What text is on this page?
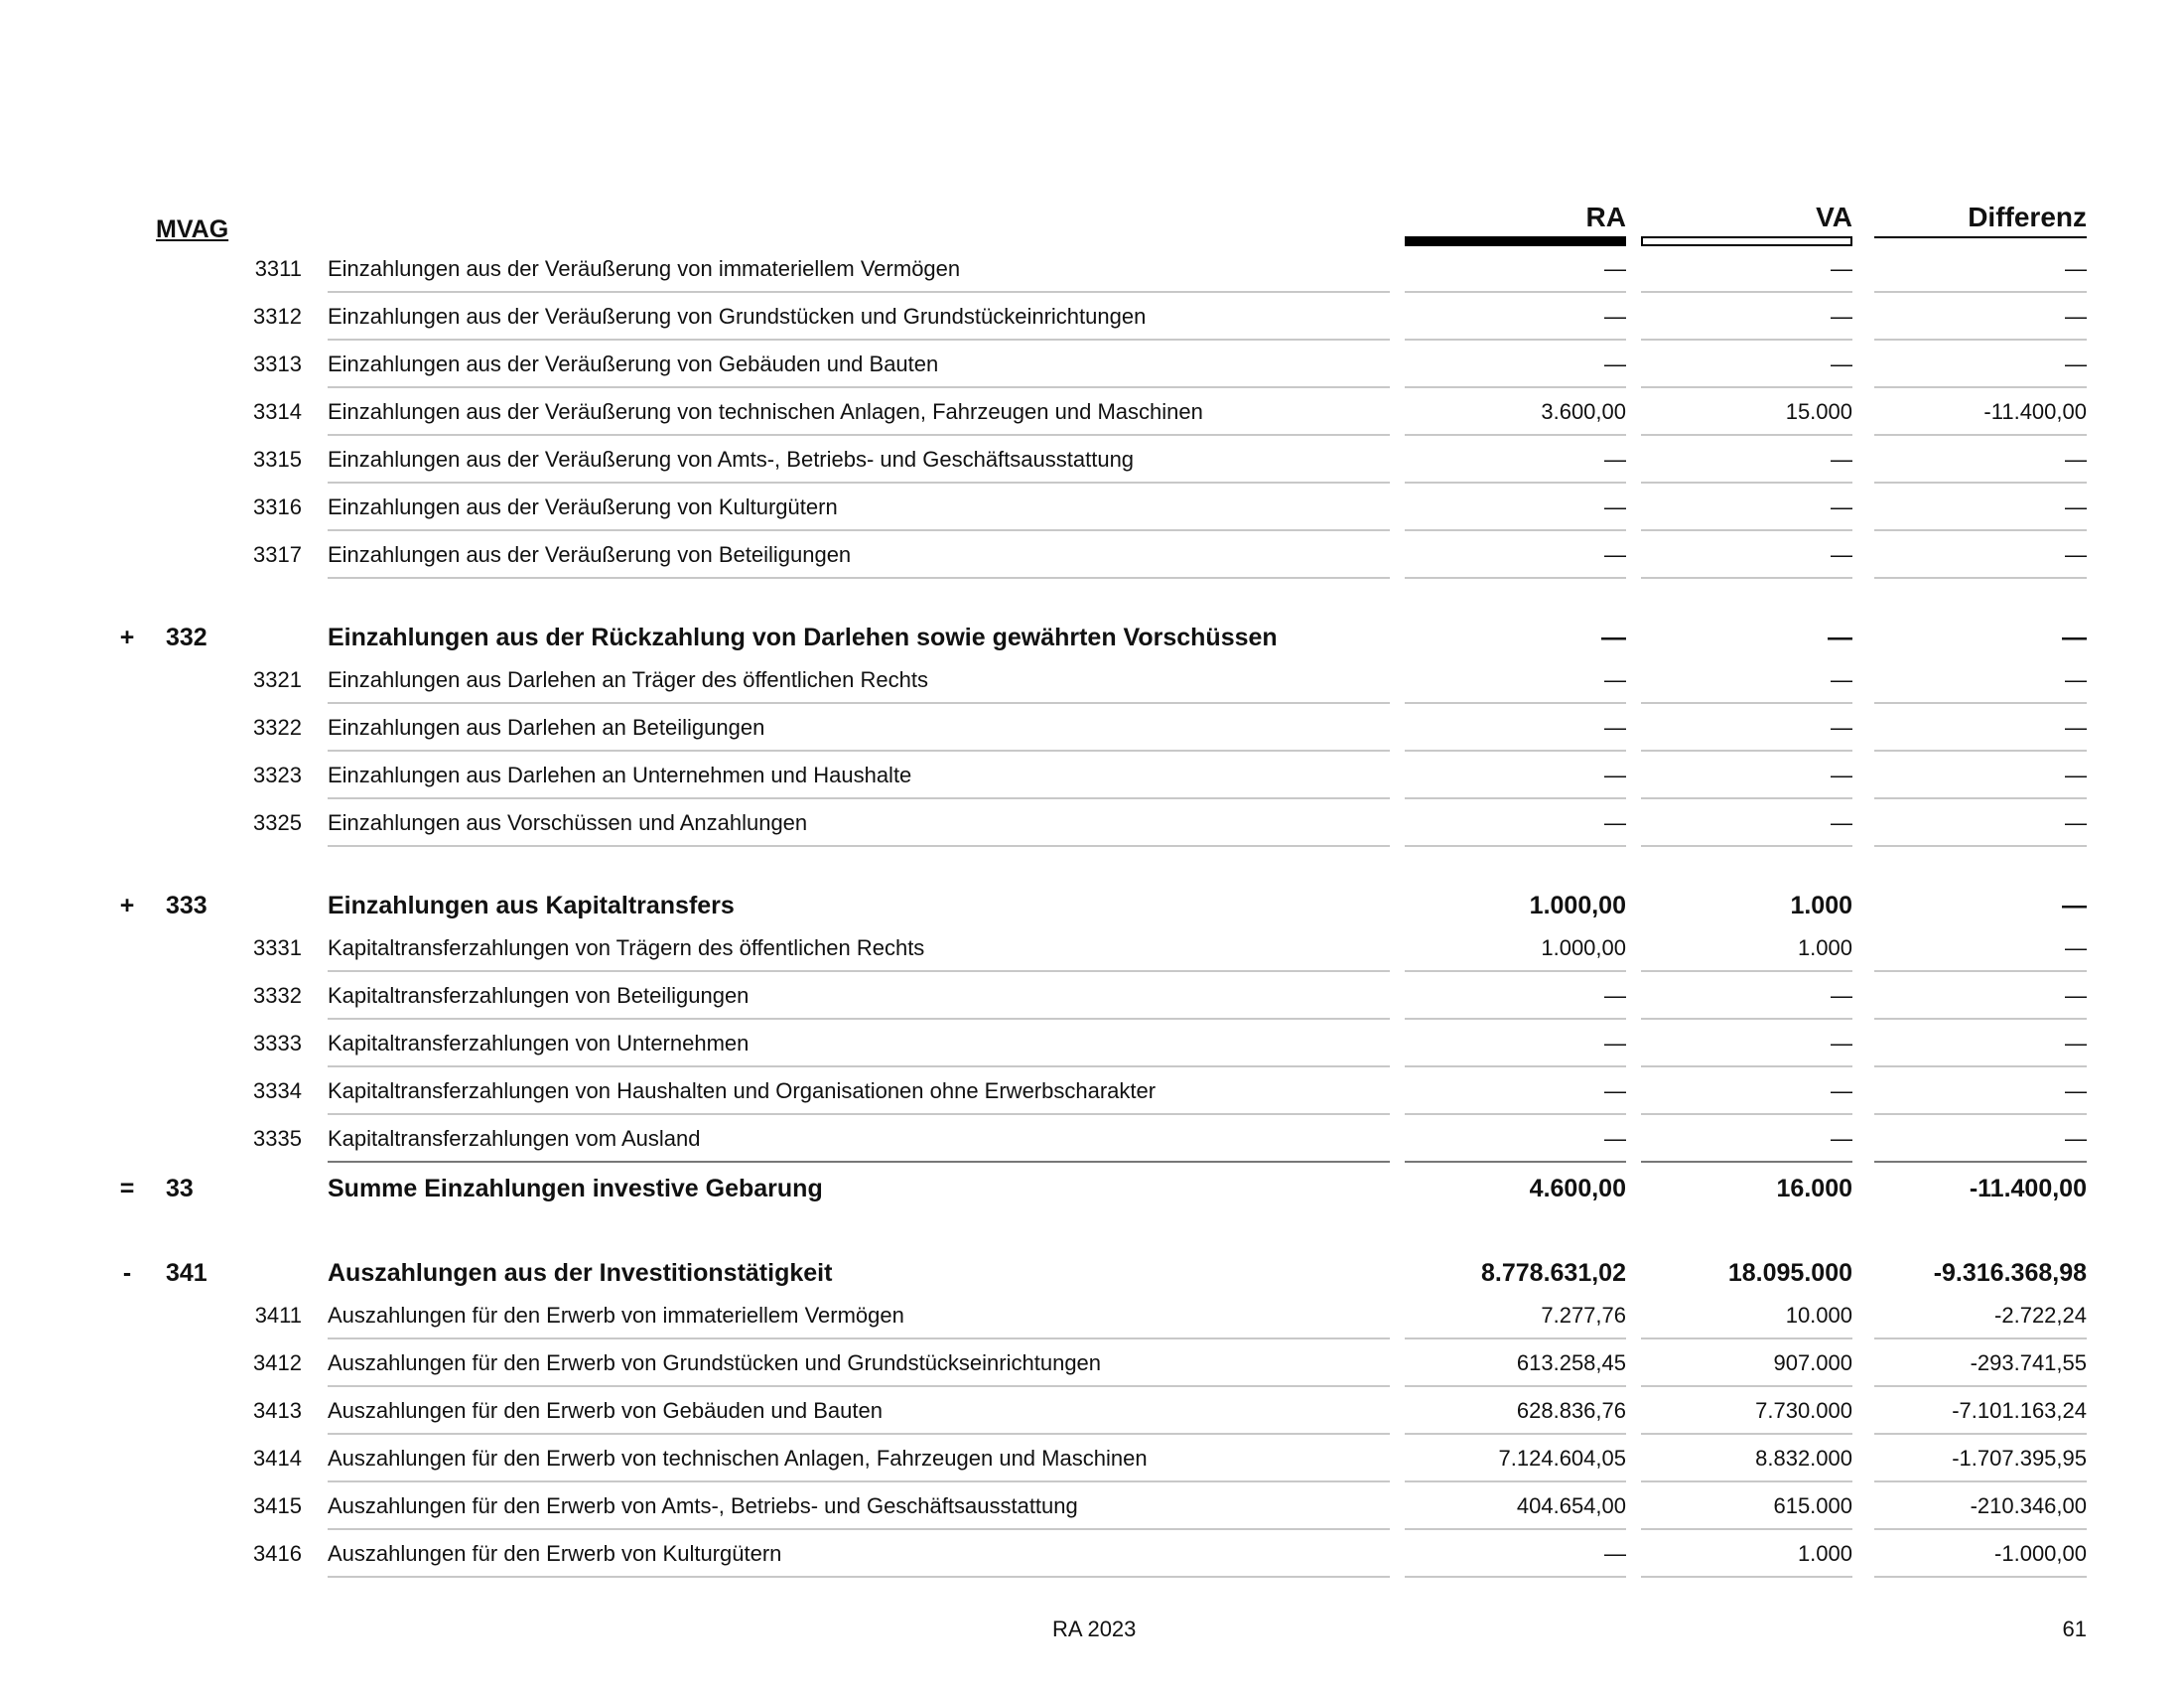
MVAG	RA	VA	Differenz
3311 Einzahlungen aus der Veräußerung von immateriellem Vermögen	—	—	—
3312 Einzahlungen aus der Veräußerung von Grundstücken und Grundstückeinrichtungen	—	—	—
3313 Einzahlungen aus der Veräußerung von Gebäuden und Bauten	—	—	—
3314 Einzahlungen aus der Veräußerung von technischen Anlagen, Fahrzeugen und Maschinen	3.600,00	15.000	-11.400,00
3315 Einzahlungen aus der Veräußerung von Amts-, Betriebs- und Geschäftsausstattung	—	—	—
3316 Einzahlungen aus der Veräußerung von Kulturgütern	—	—	—
3317 Einzahlungen aus der Veräußerung von Beteiligungen	—	—	—
+ 332	Einzahlungen aus der Rückzahlung von Darlehen sowie gewährten Vorschüssen	—	—	—
3321 Einzahlungen aus Darlehen an Träger des öffentlichen Rechts	—	—	—
3322 Einzahlungen aus Darlehen an Beteiligungen	—	—	—
3323 Einzahlungen aus Darlehen an Unternehmen und Haushalte	—	—	—
3325 Einzahlungen aus Vorschüssen und Anzahlungen	—	—	—
+ 333	Einzahlungen aus Kapitaltransfers	1.000,00	1.000	—
3331 Kapitaltransferzahlungen von Trägern des öffentlichen Rechts	1.000,00	1.000	—
3332 Kapitaltransferzahlungen von Beteiligungen	—	—	—
3333 Kapitaltransferzahlungen von Unternehmen	—	—	—
3334 Kapitaltransferzahlungen von Haushalten und Organisationen ohne Erwerbscharakter	—	—	—
3335 Kapitaltransferzahlungen vom Ausland	—	—	—
= 33	Summe Einzahlungen investive Gebarung	4.600,00	16.000	-11.400,00
- 341	Auszahlungen aus der Investitionstätigkeit	8.778.631,02	18.095.000	-9.316.368,98
3411 Auszahlungen für den Erwerb von immateriellem Vermögen	7.277,76	10.000	-2.722,24
3412 Auszahlungen für den Erwerb von Grundstücken und Grundstückseinrichtungen	613.258,45	907.000	-293.741,55
3413 Auszahlungen für den Erwerb von Gebäuden und Bauten	628.836,76	7.730.000	-7.101.163,24
3414 Auszahlungen für den Erwerb von technischen Anlagen, Fahrzeugen und Maschinen	7.124.604,05	8.832.000	-1.707.395,95
3415 Auszahlungen für den Erwerb von Amts-, Betriebs- und Geschäftsausstattung	404.654,00	615.000	-210.346,00
3416 Auszahlungen für den Erwerb von Kulturgütern	—	1.000	-1.000,00
RA 2023	61
